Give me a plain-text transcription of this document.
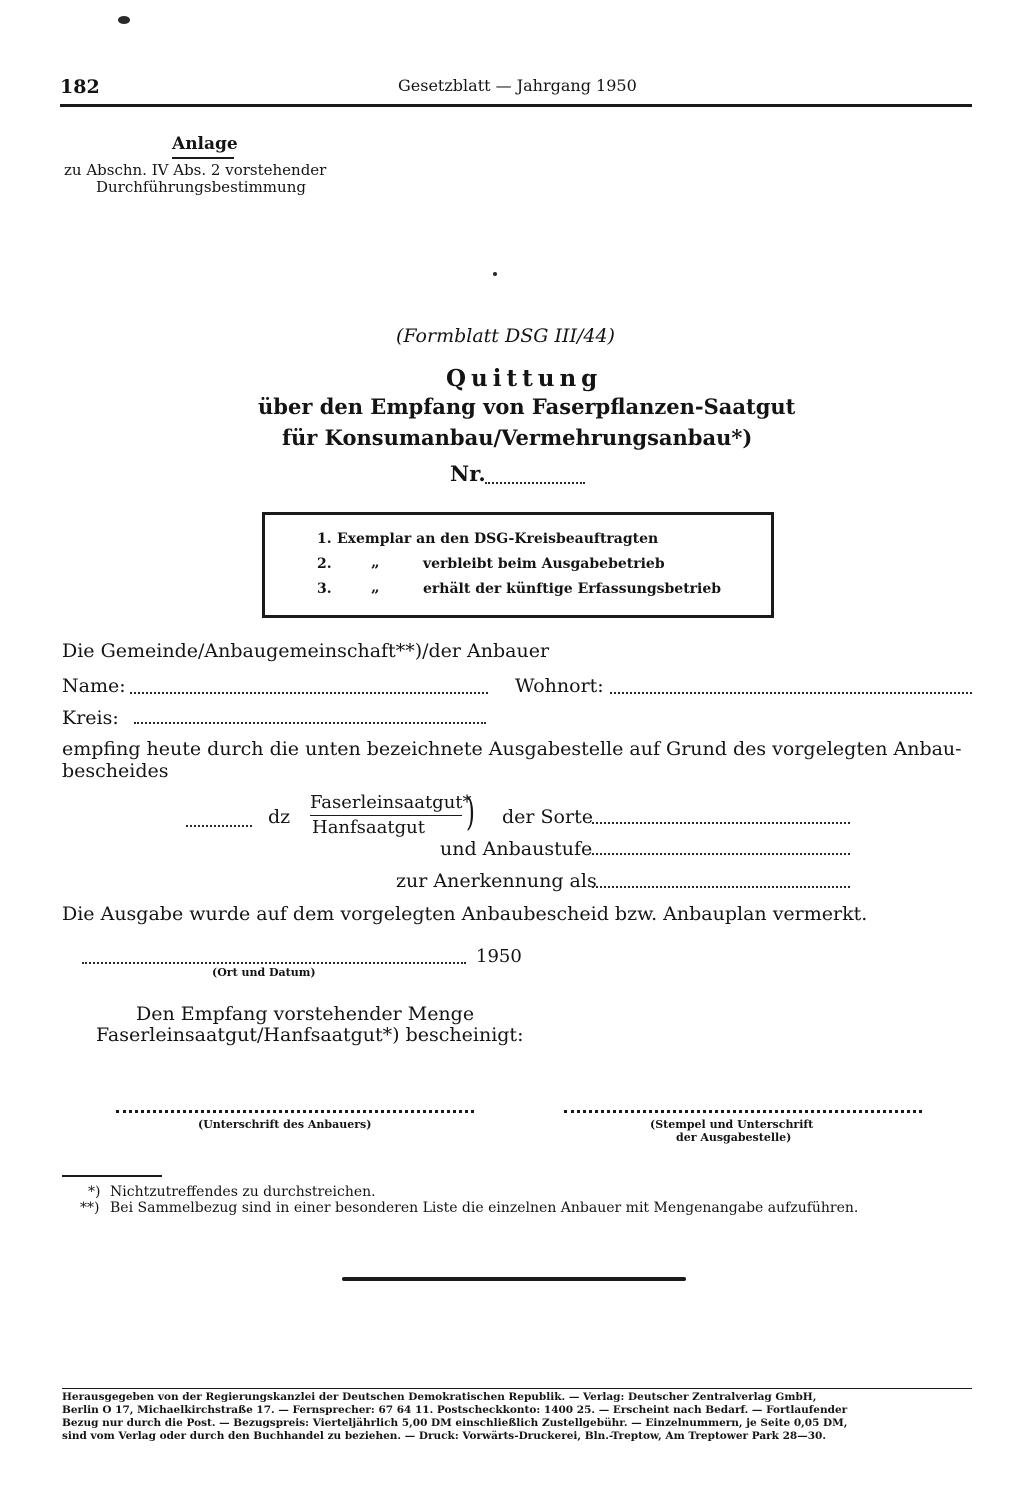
182	Gesetzblatt — Jahrgang 1950
Anlage
zu Abschn. IV Abs. 2 vorstehender
Durchführungsbestimmung
(Formblatt DSG III/44)
Quittung
über den Empfang von Faserpflanzen-Saatgut
für Konsumanbau/Vermehrungsanbau*)
Nr.
1. Exemplar an den DSG-Kreisbeauftragten
2.	„	verbleibt beim Ausgabebetrieb
3.	„	erhält der künftige Erfassungsbetrieb
Die Gemeinde/Anbaugemeinschaft**)/der Anbauer
Name:	Wohnort:
Kreis:
empfing heute durch die unten bezeichnete Ausgabestelle auf Grund des vorgelegten Anbau-
bescheides
dz
Faserleinsaatgut*
Hanfsaatgut ) der Sorte
und Anbaustufe
zur Anerkennung als
Die Ausgabe wurde auf dem vorgelegten Anbaubescheid bzw. Anbauplan vermerkt.
1950
(Ort und Datum)
Den Empfang vorstehender Menge
Faserleinsaatgut/Hanfsaatgut*) bescheinigt:
(Unterschrift des Anbauers)	(Stempel und Unterschrift
der Ausgabestelle)
*) Nichtzutreffendes zu durchstreichen.
**) Bei Sammelbezug sind in einer besonderen Liste die einzelnen Anbauer mit Mengenangabe aufzuführen.
Herausgegeben von der Regierungskanzlei der Deutschen Demokratischen Republik. — Verlag: Deutscher Zentralverlag GmbH,
Berlin O 17, Michaelkirchstraße 17. — Fernsprecher: 67 64 11. Postscheckkonto: 1400 25. — Erscheint nach Bedarf. — Fortlaufender
Bezug nur durch die Post. — Bezugspreis: Vierteljährlich 5,00 DM einschließlich Zustellgebühr. — Einzelnummern, je Seite 0,05 DM,
sind vom Verlag oder durch den Buchhandel zu beziehen. — Druck: Vorwärts-Druckerei, Bln.-Treptow, Am Treptower Park 28—30.
